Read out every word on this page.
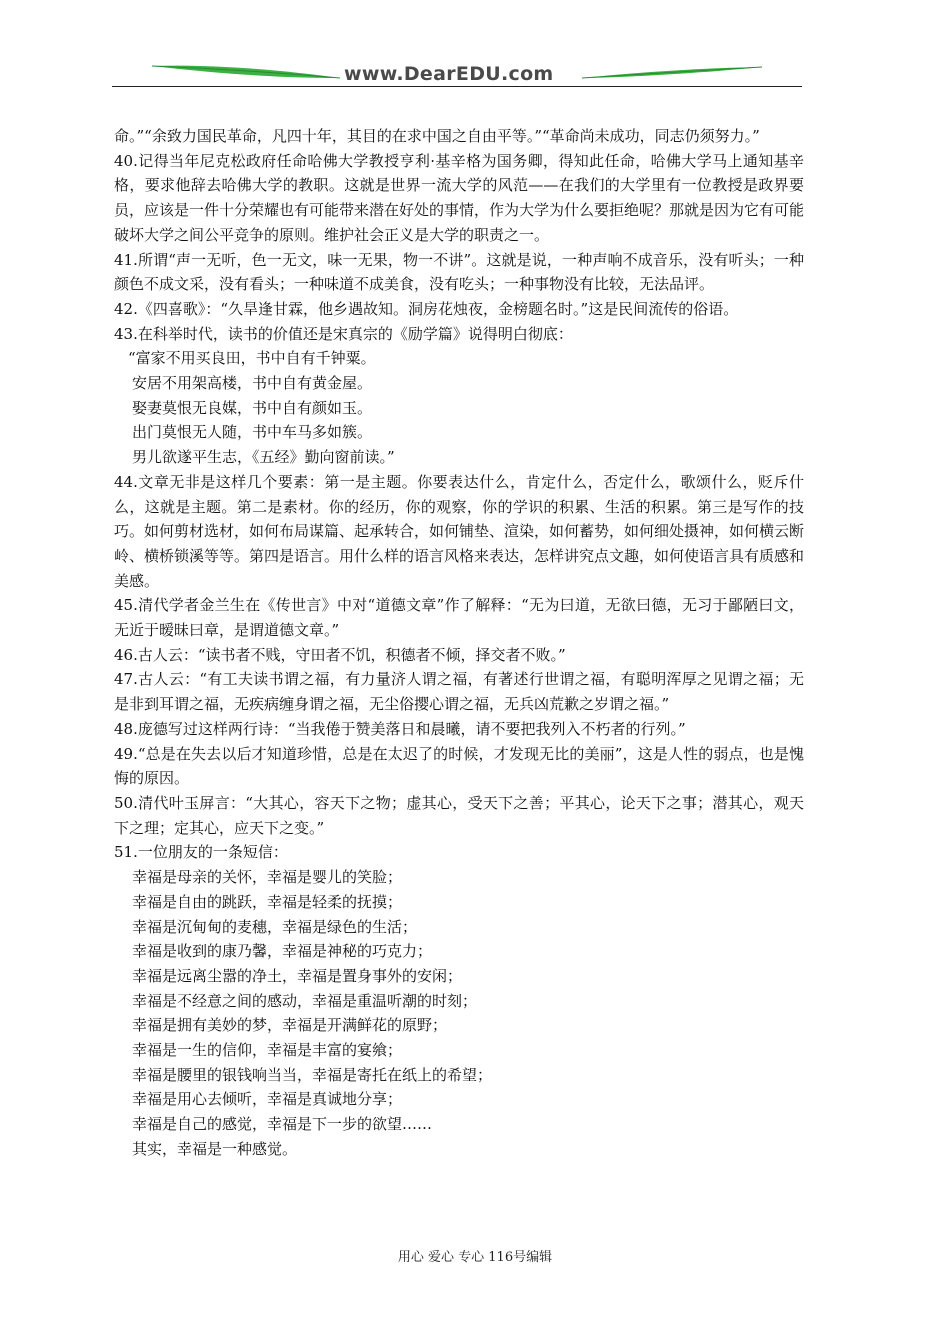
www.DearEDU.com

命。”“余致力国民革命，凡四十年，其目的在求中国之自由平等。”“革命尚未成功，同志仍须努力。”

40.记得当年尼克松政府任命哈佛大学教授亨利·基辛格为国务卿，得知此任命，哈佛大学马上通知基辛格，要求他辞去哈佛大学的教职。这就是世界一流大学的风范——在我们的大学里有一位教授是政界要员，应该是一件十分荣耀也有可能带来潜在好处的事情，作为大学为什么要拒绝呢？那就是因为它有可能破坏大学之间公平竞争的原则。维护社会正义是大学的职责之一。

41.所谓“声一无听，色一无文，味一无果，物一不讲”。这就是说，一种声响不成音乐，没有听头；一种颜色不成文采，没有看头；一种味道不成美食，没有吃头；一种事物没有比较，无法品评。

42.《四喜歌》：“久旱逢甘霖，他乡遇故知。洞房花烛夜，金榜题名时。”这是民间流传的俗语。

43.在科举时代，读书的价值还是宋真宗的《励学篇》说得明白彻底：

“富家不用买良田，书中自有千钟粟。

安居不用架高楼，书中自有黄金屋。

娶妻莫恨无良媒，书中自有颜如玉。

出门莫恨无人随，书中车马多如簇。

男儿欲遂平生志，《五经》勤向窗前读。”

44.文章无非是这样几个要素：第一是主题。你要表达什么，肯定什么，否定什么，歌颂什么，贬斥什么，这就是主题。第二是素材。你的经历，你的观察，你的学识的积累、生活的积累。第三是写作的技巧。如何剪材选材，如何布局谋篇、起承转合，如何铺垫、渲染，如何蓄势，如何细处摄神，如何横云断岭、横桥锁溪等等。第四是语言。用什么样的语言风格来表达，怎样讲究点文趣，如何使语言具有质感和美感。

45.清代学者金兰生在《传世言》中对“道德文章”作了解释：“无为曰道，无欲曰德，无习于鄙陋曰文，无近于暧昧曰章，是谓道德文章。”

46.古人云：“读书者不贱，守田者不饥，积德者不倾，择交者不败。”

47.古人云：“有工夫读书谓之福，有力量济人谓之福，有著述行世谓之福，有聪明浑厚之见谓之福；无是非到耳谓之福，无疾病缠身谓之福，无尘俗撄心谓之福，无兵凶荒歉之岁谓之福。”

48.庞德写过这样两行诗：“当我倦于赞美落日和晨曦，请不要把我列入不朽者的行列。”

49.“总是在失去以后才知道珍惜，总是在太迟了的时候，才发现无比的美丽”，这是人性的弱点，也是愧悔的原因。

50.清代叶玉屏言：“大其心，容天下之物；虚其心，受天下之善；平其心，论天下之事；潜其心，观天下之理；定其心，应天下之变。”

51.一位朋友的一条短信：

幸福是母亲的关怀，幸福是婴儿的笑脸；

幸福是自由的跳跃，幸福是轻柔的抚摸；

幸福是沉甸甸的麦穗，幸福是绿色的生活；

幸福是收到的康乃馨，幸福是神秘的巧克力；

幸福是远离尘嚣的净土，幸福是置身事外的安闲；

幸福是不经意之间的感动，幸福是重温听潮的时刻；

幸福是拥有美妙的梦，幸福是开满鲜花的原野；

幸福是一生的信仰，幸福是丰富的宴飨；

幸福是腰里的银钱响当当，幸福是寄托在纸上的希望；

幸福是用心去倾听，幸福是真诚地分享；

幸福是自己的感觉，幸福是下一步的欲望……

其实，幸福是一种感觉。

用心 爱心 专心 116号编辑
